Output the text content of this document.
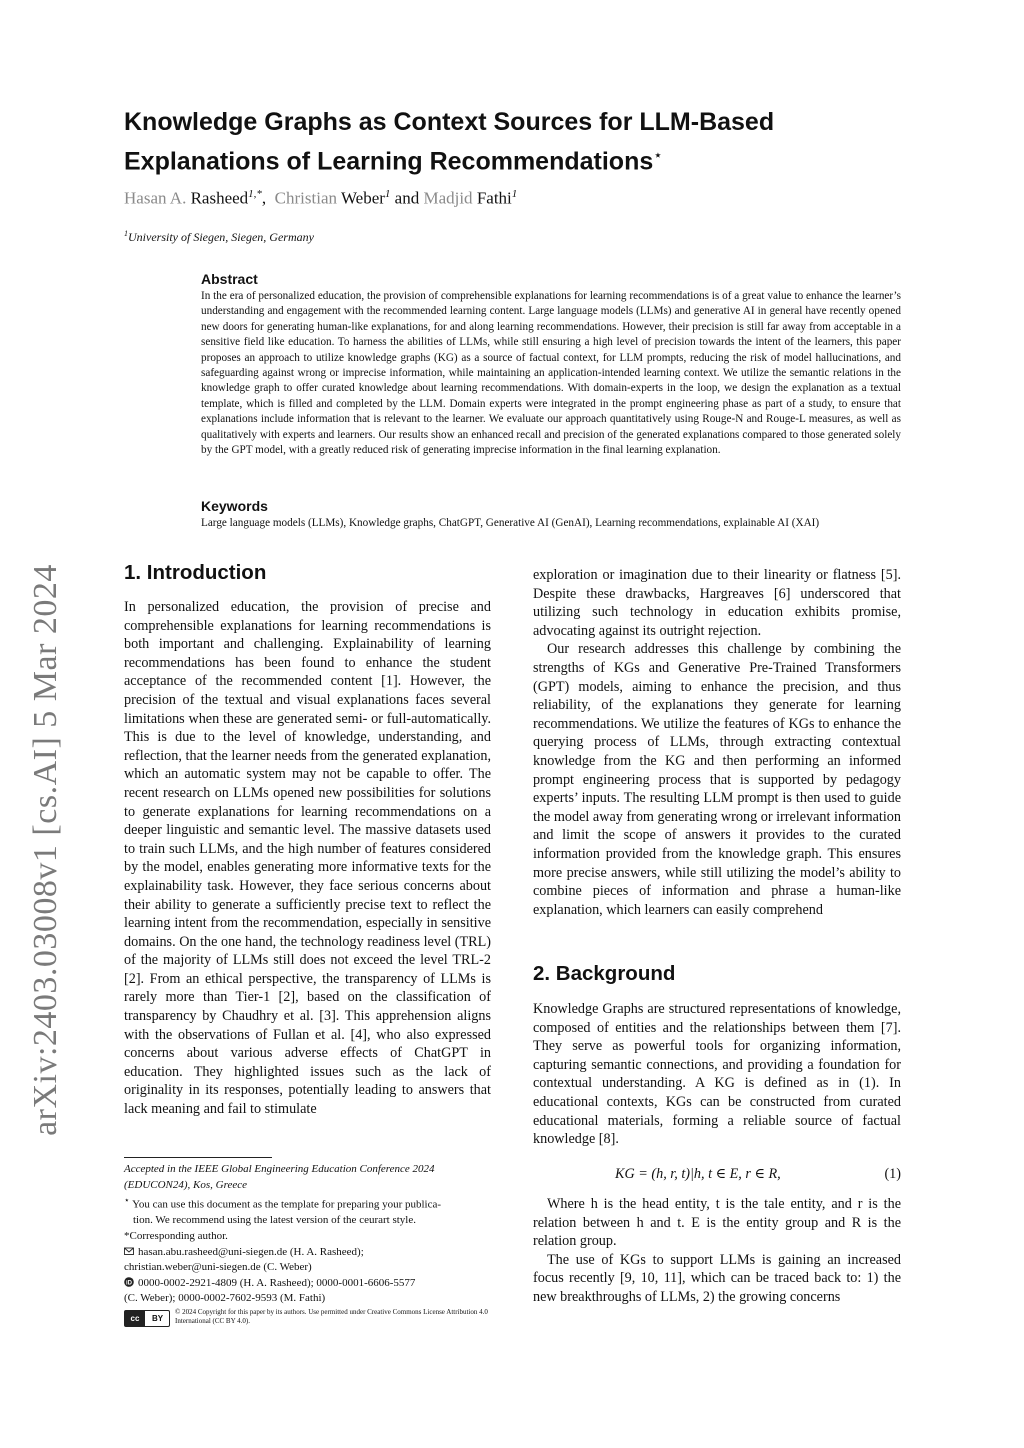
arXiv:2403.03008v1 [cs.AI] 5 Mar 2024
Knowledge Graphs as Context Sources for LLM-Based
Explanations of Learning Recommendations⋆
Hasan A. Rasheed$^{1,*}$, Christian Weber$^1$ and Madjid Fathi$^1$
$^1$University of Siegen, Siegen, Germany
Abstract
In the era of personalized education, the provision of comprehensible explanations for learning recommendations is of a great value to enhance the learner’s understanding and engagement with the recommended learning content. Large language models (LLMs) and generative AI in general have recently opened new doors for generating human-like explanations, for and along learning recommendations. However, their precision is still far away from acceptable in a sensitive field like education. To harness the abilities of LLMs, while still ensuring a high level of precision towards the intent of the learners, this paper proposes an approach to utilize knowledge graphs (KG) as a source of factual context, for LLM prompts, reducing the risk of model hallucinations, and safeguarding against wrong or imprecise information, while maintaining an application-intended learning context. We utilize the semantic relations in the knowledge graph to offer curated knowledge about learning recommendations. With domain-experts in the loop, we design the explanation as a textual template, which is filled and completed by the LLM. Domain experts were integrated in the prompt engineering phase as part of a study, to ensure that explanations include information that is relevant to the learner. We evaluate our approach quantitatively using Rouge-N and Rouge-L measures, as well as qualitatively with experts and learners. Our results show an enhanced recall and precision of the generated explanations compared to those generated solely by the GPT model, with a greatly reduced risk of generating imprecise information in the final learning explanation.
Keywords
Large language models (LLMs), Knowledge graphs, ChatGPT, Generative AI (GenAI), Learning recommendations, explainable AI (XAI)
1. Introduction

In personalized education, the provision of precise and comprehensible explanations for learning recommendations is both important and challenging. Explainability of learning recommendations has been found to enhance the student acceptance of the recommended content [1]. However, the precision of the textual and visual explanations faces several limitations when these are generated semi- or full-automatically. This is due to the level of knowledge, understanding, and reflection, that the learner needs from the generated explanation, which an automatic system may not be capable to offer. The recent research on LLMs opened new possibilities for solutions to generate explanations for learning recommendations on a deeper linguistic and semantic level. The massive datasets used to train such LLMs, and the high number of features considered by the model, enables generating more informative texts for the explainability task. However, they face serious concerns about their ability to generate a sufficiently precise text to reflect the learning intent from the recommendation, especially in sensitive domains. On the one hand, the technology readiness level (TRL) of the majority of LLMs still does not exceed the level TRL-2 [2]. From an ethical perspective, the transparency of LLMs is rarely more than Tier-1 [2], based on the classification of transparency by Chaudhry et al. [3]. This apprehension aligns with the observations of Fullan et al. [4], who also expressed concerns about various adverse effects of ChatGPT in education. They highlighted issues such as the lack of originality in its responses, potentially leading to answers that lack meaning and fail to stimulate

exploration or imagination due to their linearity or flatness [5]. Despite these drawbacks, Hargreaves [6] underscored that utilizing such technology in education exhibits promise, advocating against its outright rejection.

Our research addresses this challenge by combining the strengths of KGs and Generative Pre-Trained Transformers (GPT) models, aiming to enhance the precision, and thus reliability, of the explanations they generate for learning recommendations. We utilize the features of KGs to enhance the querying process of LLMs, through extracting contextual knowledge from the KG and then performing an informed prompt engineering process that is supported by pedagogy experts’ inputs. The resulting LLM prompt is then used to guide the model away from generating wrong or irrelevant information and limit the scope of answers it provides to the curated information provided from the knowledge graph. This ensures more precise answers, while still utilizing the model’s ability to combine pieces of information and phrase a human-like explanation, which learners can easily comprehend

2. Background

Knowledge Graphs are structured representations of knowledge, composed of entities and the relationships between them [7]. They serve as powerful tools for organizing information, capturing semantic connections, and providing a foundation for contextual understanding. A KG is defined as in (1). In educational contexts, KGs can be constructed from curated educational materials, forming a reliable source of factual knowledge [8].

KG = (h, r, t)|h, t ∈ E, r ∈ R,	(1)

Where h is the head entity, t is the tale entity, and r is the relation between h and t. E is the entity group and R is the relation group.

The use of KGs to support LLMs is gaining an increased focus recently [9, 10, 11], which can be traced back to: 1) the new breakthroughs of LLMs, 2) the growing concerns

Accepted in the IEEE Global Engineering Education Conference 2024
(EDUCON24), Kos, Greece
⋆ You can use this document as the template for preparing your publica-
tion. We recommend using the latest version of the ceurart style.
*Corresponding author.
hasan.abu.rasheed@uni-siegen.de (H. A. Rasheed);
christian.weber@uni-siegen.de (C. Weber)
iD 0000-0002-2921-4809 (H. A. Rasheed); 0000-0001-6606-5577
(C. Weber); 0000-0002-7602-9593 (M. Fathi)
cc	BY
© 2024 Copyright for this paper by its authors. Use permitted under Creative Commons License Attribution 4.0 International (CC BY 4.0).
